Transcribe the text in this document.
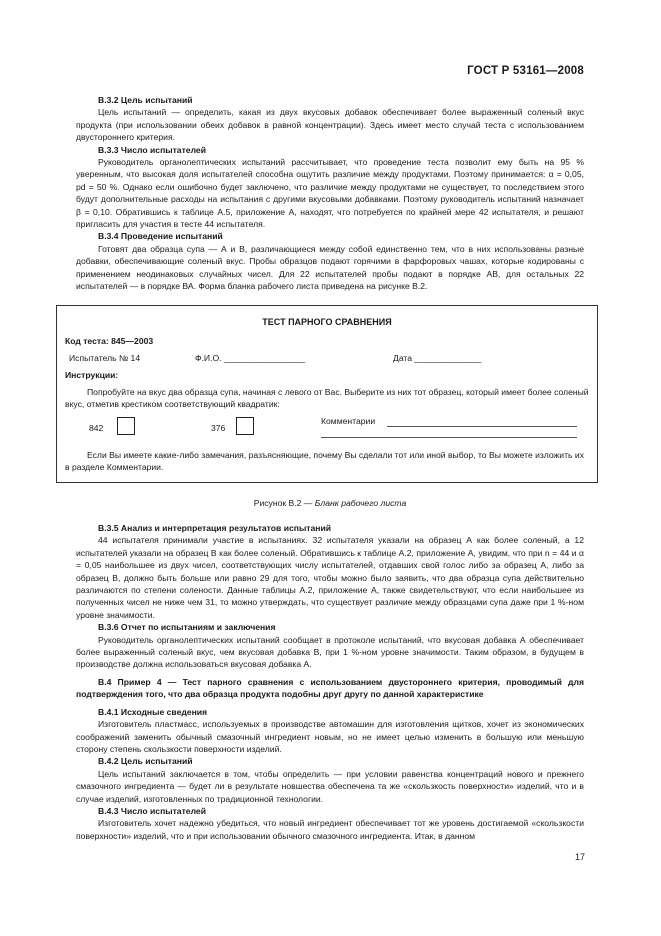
ГОСТ Р 53161—2008

В.3.2 Цель испытаний

Цель испытаний — определить, какая из двух вкусовых добавок обеспечивает более выраженный соленый вкус продукта (при использовании обеих добавок в равной концентрации). Здесь имеет место случай теста с использованием двустороннего критерия.

В.3.3 Число испытателей

Руководитель органолептических испытаний рассчитывает, что проведение теста позволит ему быть на 95 % уверенным, что высокая доля испытателей способна ощутить различие между продуктами. Поэтому принимается: α = 0,05, pd = 50 %. Однако если ошибочно будет заключено, что различие между продуктами не существует, то последствием этого будут дополнительные расходы на испытания с другими вкусовыми добавками. Поэтому руководитель испытаний назначает β = 0,10. Обратившись к таблице А.5, приложение А, находят, что потребуется по крайней мере 42 испытателя, и решают пригласить для участия в тесте 44 испытателя.

В.3.4 Проведение испытаний

Готовят два образца супа — А и В, различающиеся между собой единственно тем, что в них использованы разные добавки, обеспечивающие соленый вкус. Пробы образцов подают горячими в фарфоровых чашах, которые кодированы с применением неодинаковых случайных чисел. Для 22 испытателей пробы подают в порядке АВ, для остальных 22 испытателей — в порядке ВА. Форма бланка рабочего листа приведена на рисунке В.2.

ТЕСТ ПАРНОГО СРАВНЕНИЯ
Код теста: 845—2003
Испытатель № 14	Ф.И.О. _________________	Дата ______________
Инструкции:
Попробуйте на вкус два образца супа, начиная с левого от Вас. Выберите из них тот образец, который имеет более соленый вкус, отметив крестиком соответствующий квадратик:
842	376
Комментарии
Если Вы имеете какие-либо замечания, разъясняющие, почему Вы сделали тот или иной выбор, то Вы можете изложить их в разделе Комментарии.
Рисунок В.2 — Бланк рабочего листа

В.3.5 Анализ и интерпретация результатов испытаний

44 испытателя принимали участие в испытаниях. 32 испытателя указали на образец А как более соленый, а 12 испытателей указали на образец В как более соленый. Обратившись к таблице А.2, приложение А, увидим, что при n = 44 и α = 0,05 наибольшее из двух чисел, соответствующих числу испытателей, отдавших свой голос либо за образец А, либо за образец В, должно быть больше или равно 29 для того, чтобы можно было заявить, что два образца супа действительно различаются по степени солености. Данные таблицы А.2, приложение А, также свидетельствуют, что если наибольшее из полученных чисел не ниже чем 31, то можно утверждать, что существует различие между образцами супа даже при 1 %-ном уровне значимости.

В.3.6 Отчет по испытаниям и заключения

Руководитель органолептических испытаний сообщает в протоколе испытаний, что вкусовая добавка А обеспечивает более выраженный соленый вкус, чем вкусовая добавка В, при 1 %-ном уровне значимости. Таким образом, в будущем в производстве должна использоваться вкусовая добавка А.

В.4 Пример 4 — Тест парного сравнения с использованием двустороннего критерия, проводимый для подтверждения того, что два образца продукта подобны друг другу по данной характеристике

В.4.1 Исходные сведения

Изготовитель пластмасс, используемых в производстве автомашин для изготовления щитков, хочет из экономических соображений заменить обычный смазочный ингредиент новым, но не имеет целью изменить в большую или меньшую сторону степень скользкости поверхности изделий.

В.4.2 Цель испытаний

Цель испытаний заключается в том, чтобы определить — при условии равенства концентраций нового и прежнего смазочного ингредиента — будет ли в результате новшества обеспечена та же «скользкость поверхности» изделий, что и в случае изделий, изготовленных по традиционной технологии.

В.4.3 Число испытателей

Изготовитель хочет надежно убедиться, что новый ингредиент обеспечивает тот же уровень достигаемой «скользкости поверхности» изделий, что и при использовании обычного смазочного ингредиента. Итак, в данном

17
